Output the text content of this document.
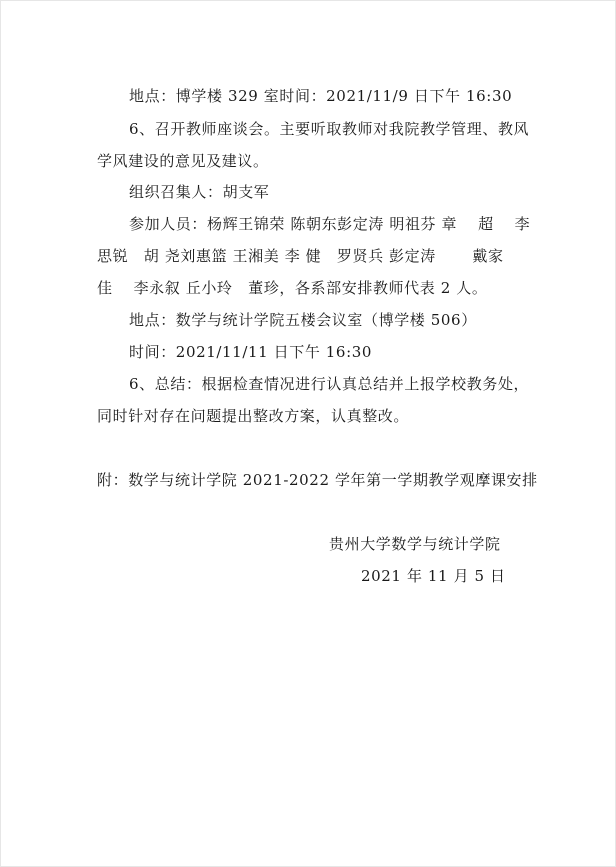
地点：博学楼 329 室时间：2021/11/9 日下午 16:30
6、召开教师座谈会。主要听取教师对我院教学管理、教风
学风建设的意见及建议。
组织召集人：胡支军
参加人员：杨辉王锦荣 陈朝东彭定涛 明祖芬 章　 超　 李
思锐　胡 尧刘惠篮 王湘美 李 健　罗贤兵 彭定涛　　 戴家
佳　 李永叙 丘小玲　董珍，各系部安排教师代表 2 人。
地点：数学与统计学院五楼会议室（博学楼 506）
时间：2021/11/11 日下午 16:30
6、总结：根据检查情况进行认真总结并上报学校教务处，
同时针对存在问题提出整改方案，认真整改。
附：数学与统计学院 2021-2022 学年第一学期教学观摩课安排
贵州大学数学与统计学院
2021 年 11 月 5 日
